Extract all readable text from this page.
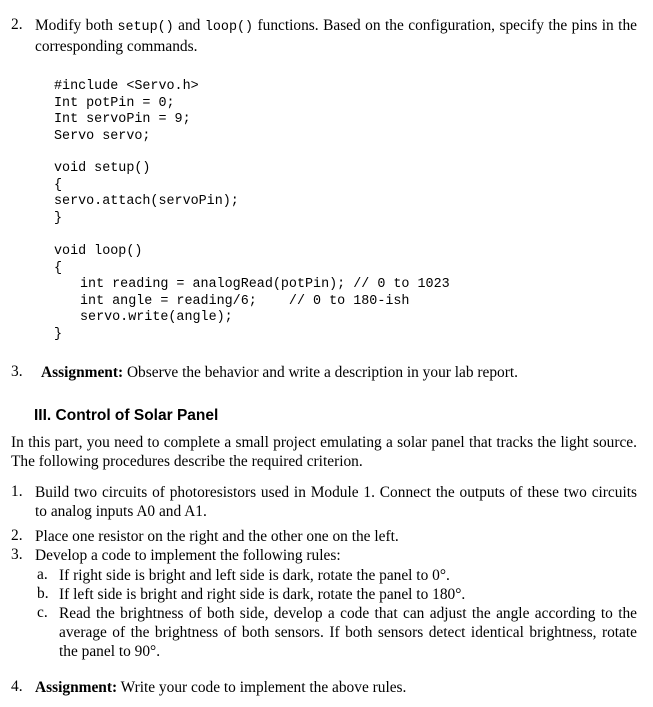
2. Modify both setup() and loop() functions. Based on the configuration, specify the pins in the corresponding commands.
#include <Servo.h>
Int potPin = 0;
Int servoPin = 9;
Servo servo;
void setup()
{
servo.attach(servoPin);
}
void loop()
{
int reading = analogRead(potPin); // 0 to 1023
int angle = reading/6;    // 0 to 180-ish
servo.write(angle);
}
3. Assignment: Observe the behavior and write a description in your lab report.
III. Control of Solar Panel
In this part, you need to complete a small project emulating a solar panel that tracks the light source. The following procedures describe the required criterion.
1. Build two circuits of photoresistors used in Module 1. Connect the outputs of these two circuits to analog inputs A0 and A1.
2. Place one resistor on the right and the other one on the left.
3. Develop a code to implement the following rules:
a. If right side is bright and left side is dark, rotate the panel to 0°.
b. If left side is bright and right side is dark, rotate the panel to 180°.
c. Read the brightness of both side, develop a code that can adjust the angle according to the average of the brightness of both sensors. If both sensors detect identical brightness, rotate the panel to 90°.
4. Assignment: Write your code to implement the above rules.
